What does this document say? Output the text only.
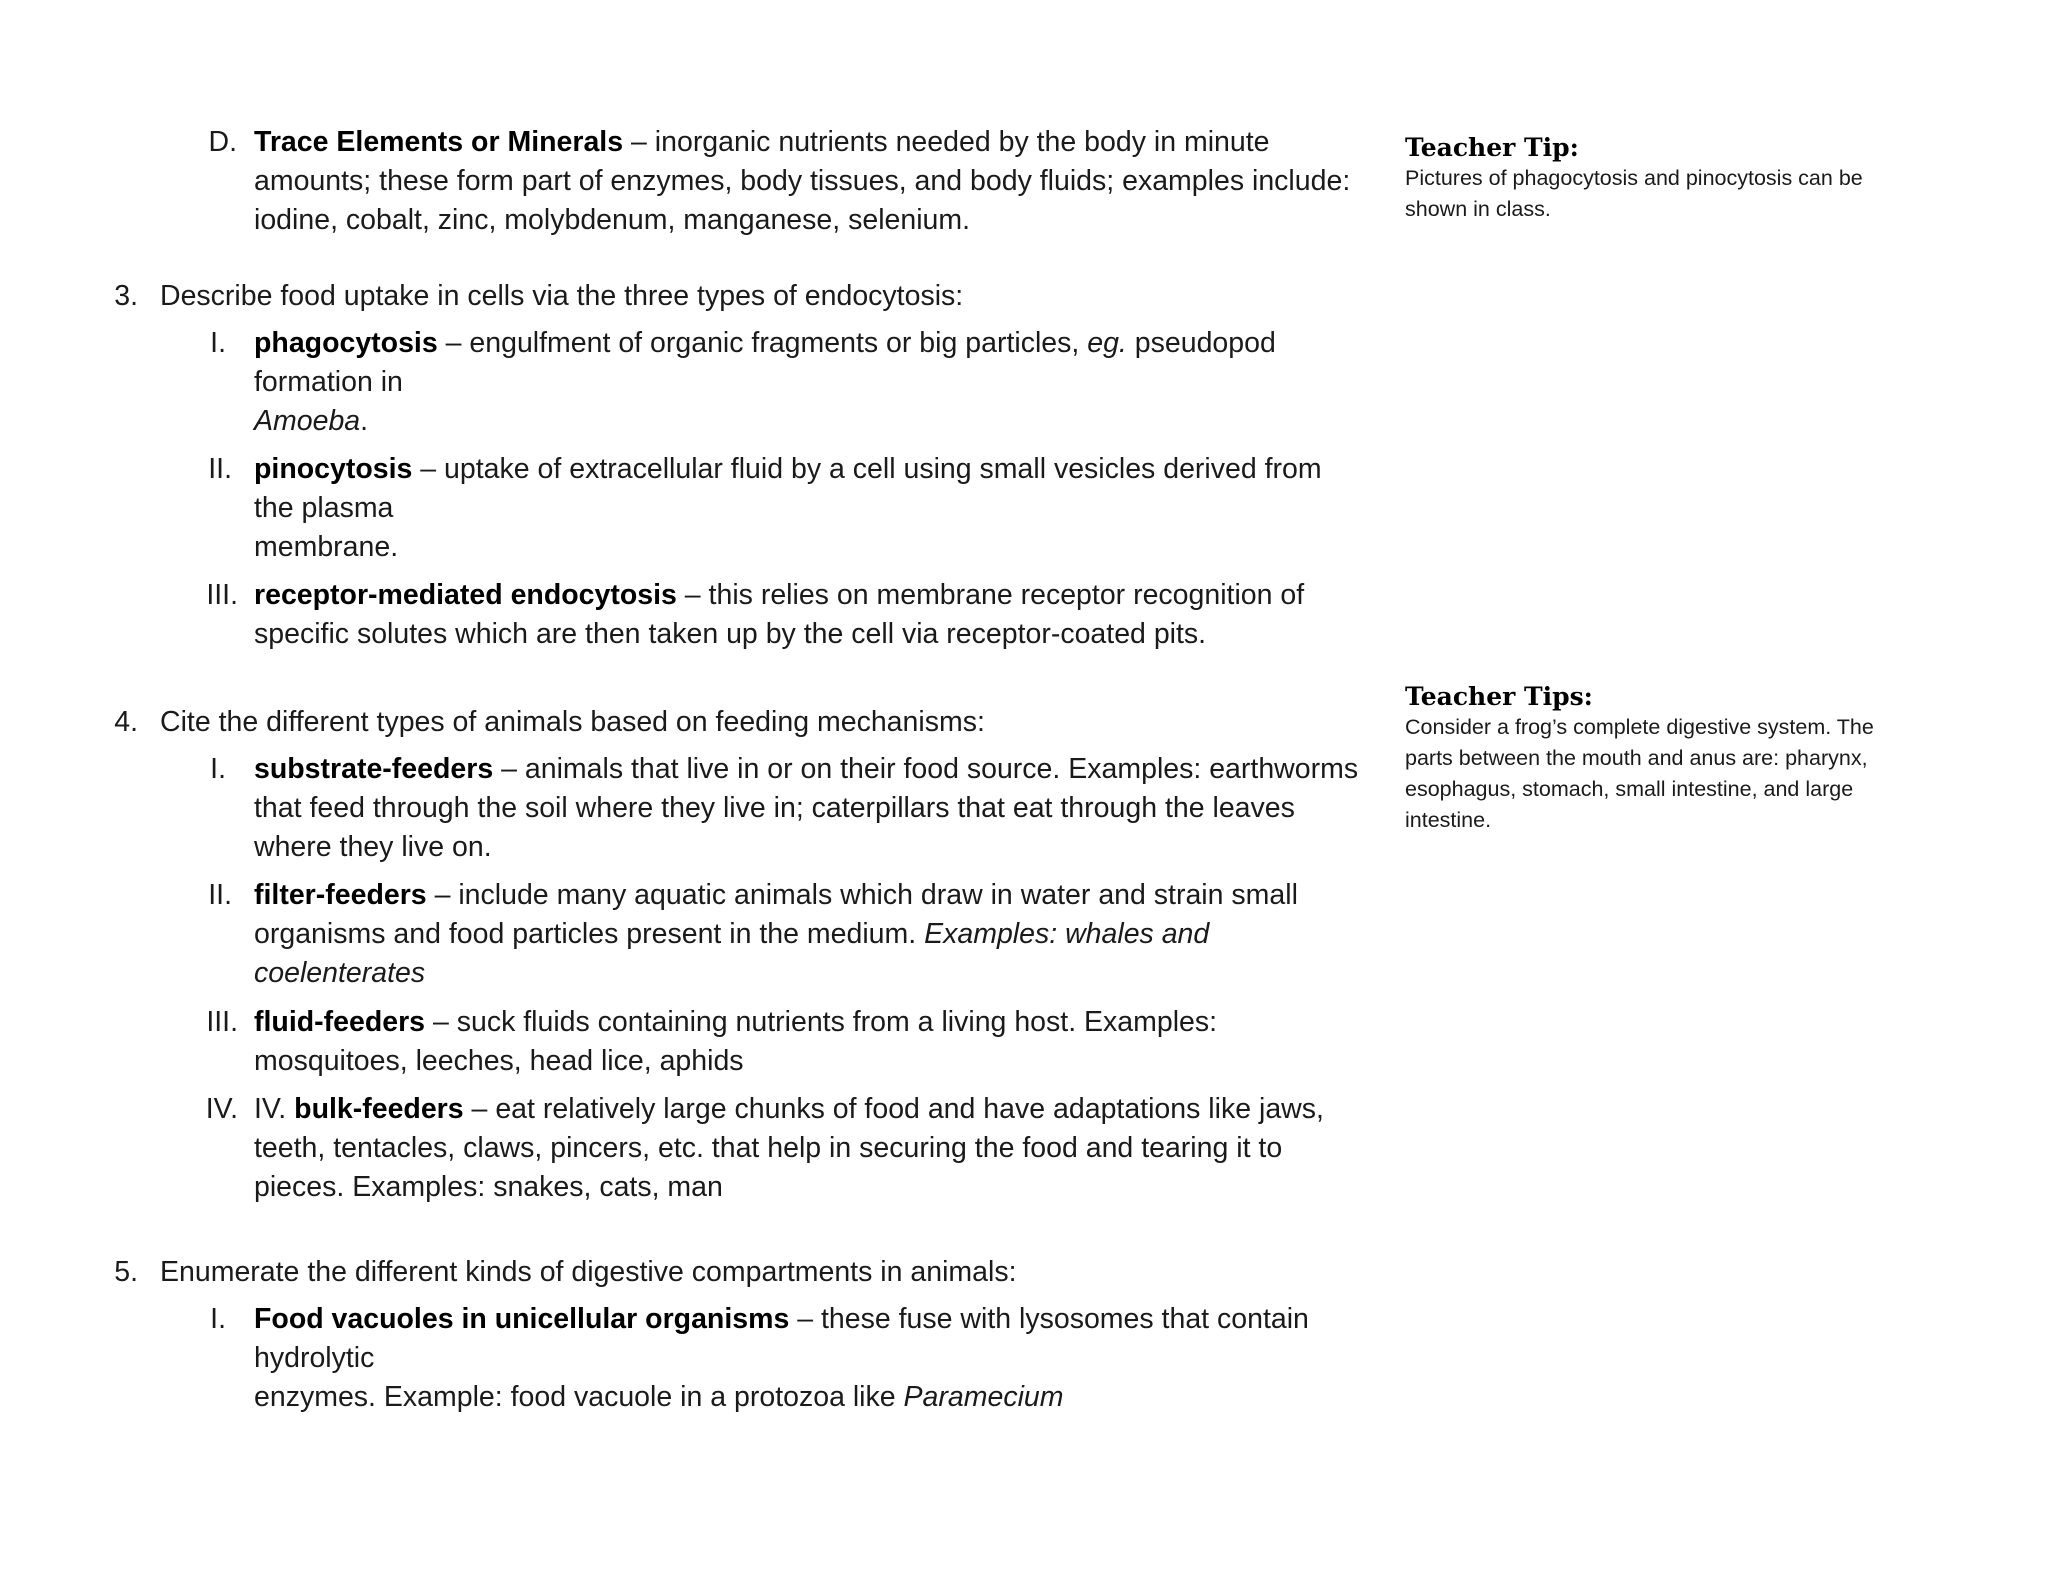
D. Trace Elements or Minerals – inorganic nutrients needed by the body in minute
amounts; these form part of enzymes, body tissues, and body fluids; examples include:
iodine, cobalt, zinc, molybdenum, manganese, selenium.
3. Describe food uptake in cells via the three types of endocytosis:
I. phagocytosis – engulfment of organic fragments or big particles, eg. pseudopod
formation in
Amoeba.
II. pinocytosis – uptake of extracellular fluid by a cell using small vesicles derived from
the plasma
membrane.
III. receptor-mediated endocytosis – this relies on membrane receptor recognition of
specific solutes which are then taken up by the cell via receptor-coated pits.
4. Cite the different types of animals based on feeding mechanisms:
I. substrate-feeders – animals that live in or on their food source. Examples: earthworms
that feed through the soil where they live in; caterpillars that eat through the leaves
where they live on.
II. filter-feeders – include many aquatic animals which draw in water and strain small
organisms and food particles present in the medium. Examples: whales and
coelenterates
III. fluid-feeders – suck fluids containing nutrients from a living host. Examples:
mosquitoes, leeches, head lice, aphids
IV. IV. bulk-feeders – eat relatively large chunks of food and have adaptations like jaws,
teeth, tentacles, claws, pincers, etc. that help in securing the food and tearing it to
pieces. Examples: snakes, cats, man
5. Enumerate the different kinds of digestive compartments in animals:
I. Food vacuoles in unicellular organisms – these fuse with lysosomes that contain
hydrolytic
enzymes. Example: food vacuole in a protozoa like Paramecium
Teacher Tip:
Pictures of phagocytosis and pinocytosis can be
shown in class.
Teacher Tips:
Consider a frog’s complete digestive system. The
parts between the mouth and anus are: pharynx,
esophagus, stomach, small intestine, and large
intestine.
